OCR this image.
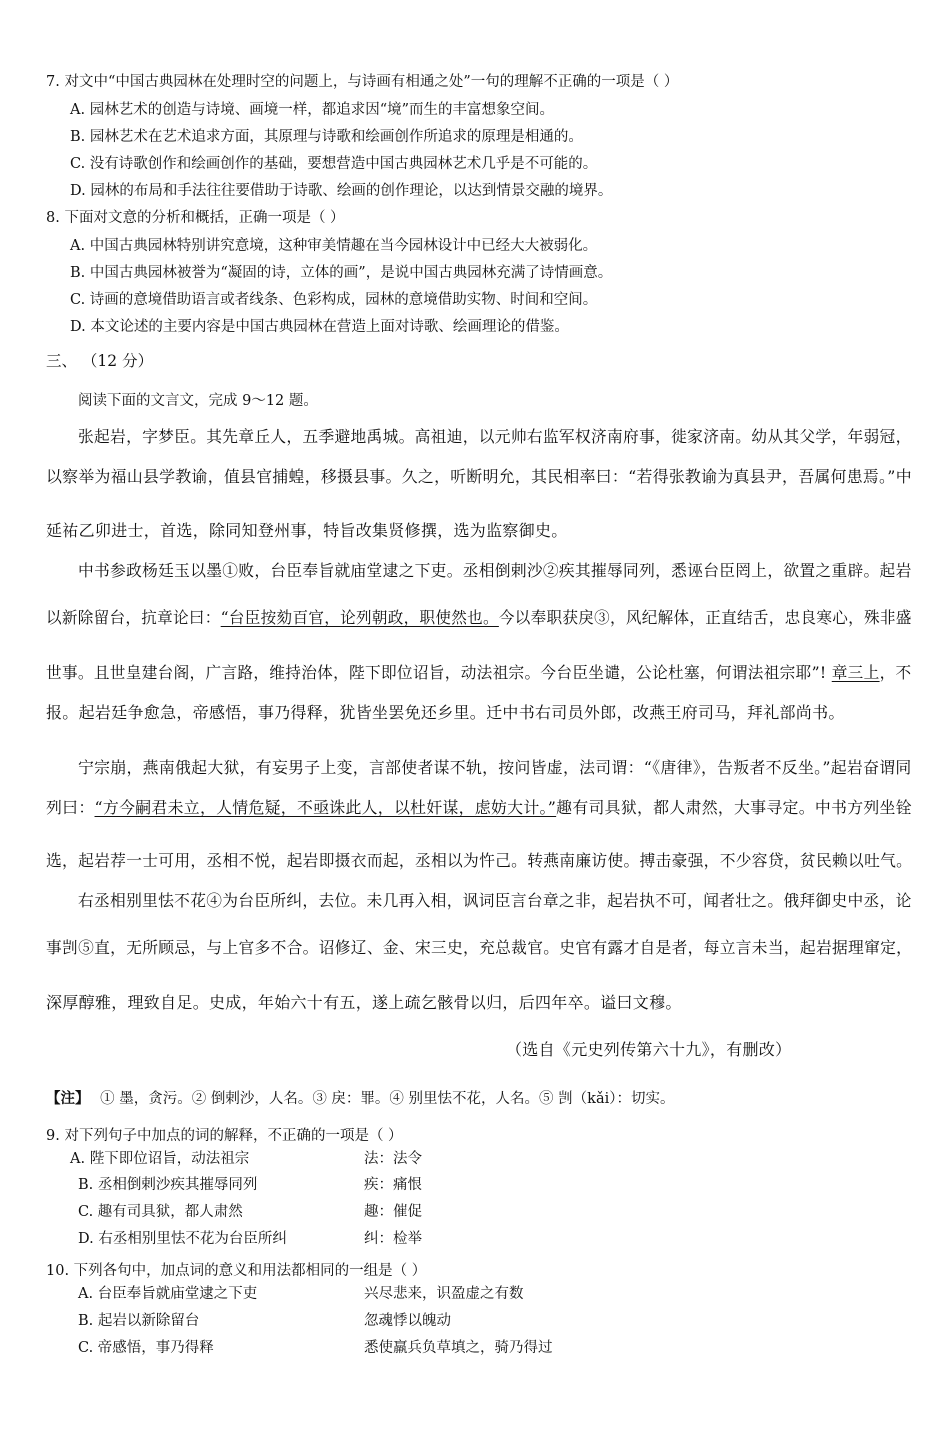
7. 对文中“中国古典园林在处理时空的问题上，与诗画有相通之处”一句的理解不正确的一项是（ ）
A. 园林艺术的创造与诗境、画境一样，都追求因“境”而生的丰富想象空间。
B. 园林艺术在艺术追求方面，其原理与诗歌和绘画创作所追求的原理是相通的。
C. 没有诗歌创作和绘画创作的基础，要想营造中国古典园林艺术几乎是不可能的。
D. 园林的布局和手法往往要借助于诗歌、绘画的创作理论，以达到情景交融的境界。
8. 下面对文意的分析和概括，正确一项是（ ）
A. 中国古典园林特别讲究意境，这种审美情趣在当今园林设计中已经大大被弱化。
B. 中国古典园林被誉为“凝固的诗，立体的画”，是说中国古典园林充满了诗情画意。
C. 诗画的意境借助语言或者线条、色彩构成，园林的意境借助实物、时间和空间。
D. 本文论述的主要内容是中国古典园林在营造上面对诗歌、绘画理论的借鉴。
三、 （12 分）
阅读下面的文言文，完成 9～12 题。
张起岩，字梦臣。其先章丘人，五季避地禹城。高祖迪，以元帅右监军权济南府事，徙家济南。幼从其父学，年弱冠，
以察举为福山县学教谕，值县官捕蝗，移摄县事。久之，听断明允，其民相率曰：“若得张教谕为真县尹，吾属何患焉。”中
延祐乙卯进士，首选，除同知登州事，特旨改集贤修撰，选为监察御史。
中书参政杨廷玉以墨①败，台臣奉旨就庙堂逮之下吏。丞相倒剌沙②疾其摧辱同列，悉诬台臣罔上，欲置之重辟。起岩
以新除留台，抗章论曰：“台臣按劾百官，论列朝政，职使然也。今以奉职获戾③，风纪解体，正直结舌，忠良寒心，殊非盛
世事。且世皇建台阁，广言路，维持治体，陛下即位诏旨，动法祖宗。今台臣坐谴，公论杜塞，何谓法祖宗耶”! 章三上，不
报。起岩廷争愈急，帝感悟，事乃得释，犹皆坐罢免还乡里。迁中书右司员外郎，改燕王府司马，拜礼部尚书。
宁宗崩，燕南俄起大狱，有妄男子上变，言部使者谋不轨，按问皆虚，法司谓：“《唐律》，告叛者不反坐。”起岩奋谓同
列曰：“方今嗣君未立，人情危疑，不亟诛此人，以杜奸谋，虑妨大计。”趣有司具狱，都人肃然，大事寻定。中书方列坐铨
选，起岩荐一士可用，丞相不悦，起岩即摄衣而起，丞相以为忤己。转燕南廉访使。搏击豪强，不少容贷，贫民赖以吐气。
右丞相别里怯不花④为台臣所纠，去位。未几再入相，讽词臣言台章之非，起岩执不可，闻者壮之。俄拜御史中丞，论
事剀⑤直，无所顾忌，与上官多不合。诏修辽、金、宋三史，充总裁官。史官有露才自是者，每立言未当，起岩据理窜定，
深厚醇雅，理致自足。史成，年始六十有五，遂上疏乞骸骨以归，后四年卒。谥曰文穆。
（选自《元史列传第六十九》，有删改）
【注】 ① 墨，贪污。② 倒剌沙，人名。③ 戾：罪。④ 别里怯不花，人名。⑤ 剀（kǎi）：切实。
9. 对下列句子中加点的词的解释，不正确的一项是（ ）
A. 陛下即位诏旨，动法祖宗	法：法令
B. 丞相倒剌沙疾其摧辱同列	疾：痛恨
C. 趣有司具狱，都人肃然	趣：催促
D. 右丞相别里怯不花为台臣所纠	纠：检举
10. 下列各句中，加点词的意义和用法都相同的一组是（ ）
A. 台臣奉旨就庙堂逮之下吏	兴尽悲来，识盈虚之有数
B. 起岩以新除留台	忽魂悸以魄动
C. 帝感悟，事乃得释	悉使羸兵负草填之，骑乃得过
